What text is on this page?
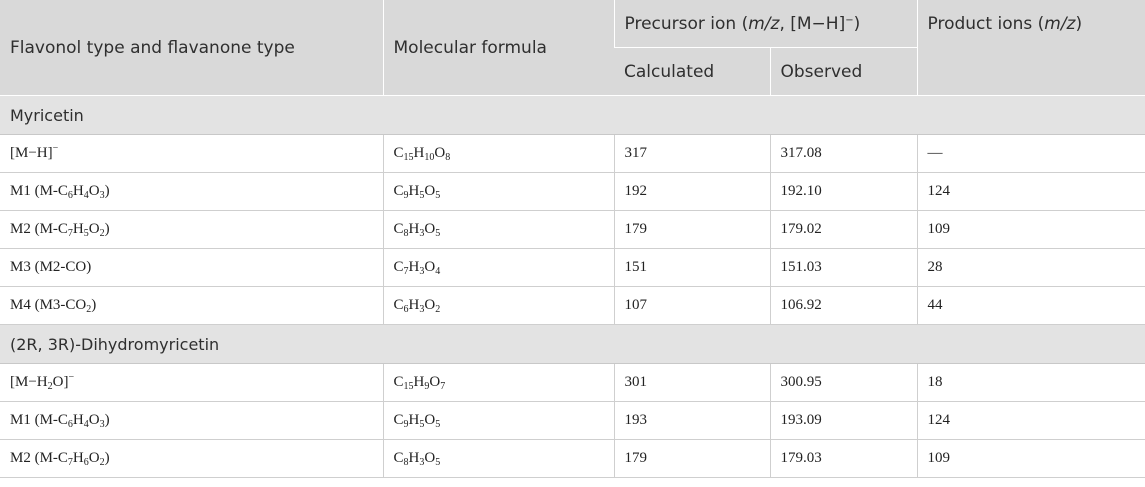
Flavonol type and flavanone type	Molecular formula	Precursor ion (m/z, [M−H]−)		Product ions (m/z)
		Calculated	Observed	
Myricetin				
[M−H]−	$C_{15}H_{10}O_8$	317	317.08	—
M1 $(M-C_6H_4O_3)$	$C_9H_5O_5$	192	192.10	124
M2 $(M-C_7H_5O_2)$	$C_8H_3O_5$	179	179.02	109
M3 (M2-CO)	$C_7H_3O_4$	151	151.03	28
M4 $(M3-CO_2)$	$C_6H_3O_2$	107	106.92	44
(2R, 3R)-Dihydromyricetin				
$[M-H_2O]^-$	$C_{15}H_9O_7$	301	300.95	18
M1 $(M-C_6H_4O_3)$	$C_9H_5O_5$	193	193.09	124
M2 $(M-C_7H_6O_2)$	$C_8H_3O_5$	179	179.03	109
